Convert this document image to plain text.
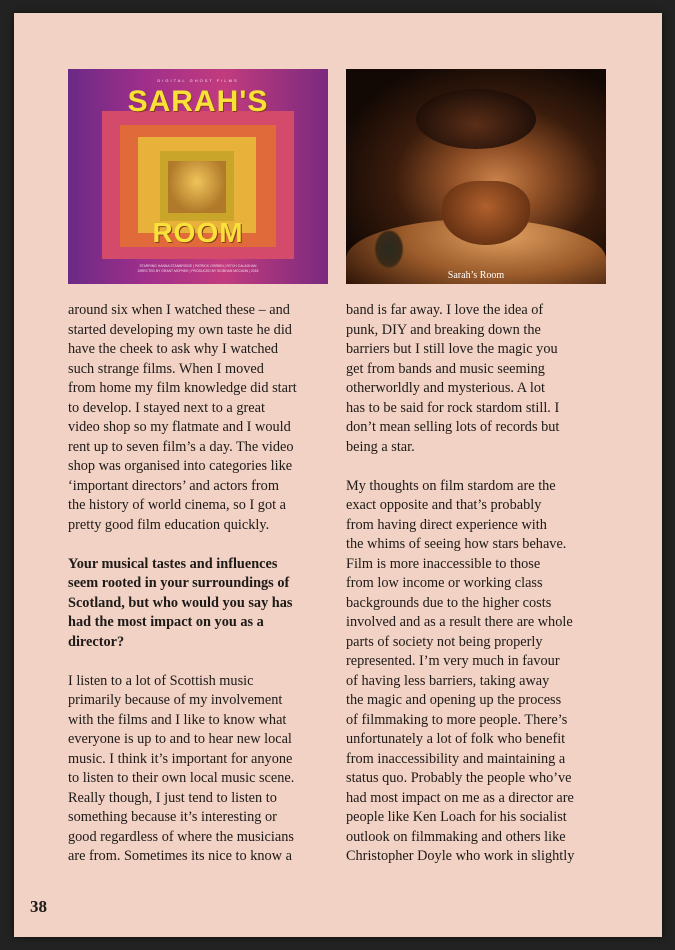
DIGITAL GHOST FILMS
SARAH'S
ROOM
STARRING HANNA STANBRIDGE | PATRICK O'BRIEN | RITCH CALAGHAN
DIRECTED BY GRANT MCPHEE | PRODUCED BY SIOBHAN MCCANN | 2018	Sarah’s Room

around six when I watched these – and

started developing my own taste he did

have the cheek to ask why I watched

such strange films. When I moved

from home my film knowledge did start

to develop. I stayed next to a great

video shop so my flatmate and I would

rent up to seven film’s a day. The video

shop was organised into categories like

‘important directors’ and actors from

the history of world cinema, so I got a

pretty good film education quickly.

Your musical tastes and influences

seem rooted in your surroundings of

Scotland, but who would you say has

had the most impact on you as a

director?

I listen to a lot of Scottish music

primarily because of my involvement

with the films and I like to know what

everyone is up to and to hear new local

music. I think it’s important for anyone

to listen to their own local music scene.

Really though, I just tend to listen to

something because it’s interesting or

good regardless of where the musicians

are from. Sometimes its nice to know a

band is far away. I love the idea of

punk, DIY and breaking down the

barriers but I still love the magic you

get from bands and music seeming

otherworldly and mysterious. A lot

has to be said for rock stardom still. I

don’t mean selling lots of records but

being a star.

My thoughts on film stardom are the

exact opposite and that’s probably

from having direct experience with

the whims of seeing how stars behave.

Film is more inaccessible to those

from low income or working class

backgrounds due to the higher costs

involved and as a result there are whole

parts of society not being properly

represented. I’m very much in favour

of having less barriers, taking away

the magic and opening up the process

of filmmaking to more people. There’s

unfortunately a lot of folk who benefit

from inaccessibility and maintaining a

status quo. Probably the people who’ve

had most impact on me as a director are

people like Ken Loach for his socialist

outlook on filmmaking and others like

Christopher Doyle who work in slightly

38
